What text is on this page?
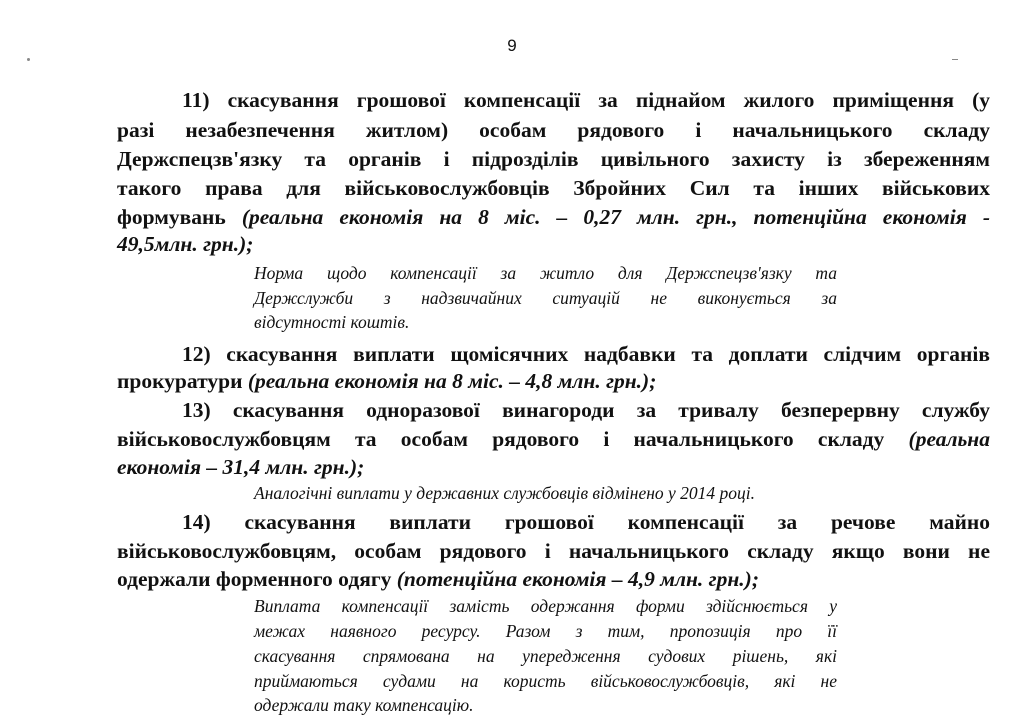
9
11) скасування грошової компенсації за піднайом жилого приміщення (у
разі незабезпечення житлом) особам рядового і начальницького складу
Держспецзв'язку та органів і підрозділів цивільного захисту із збереженням
такого права для військовослужбовців Збройних Сил та інших військових
формувань (реальна економія на 8 міс. – 0,27 млн. грн., потенційна економія -
49,5млн. грн.);
Норма щодо компенсації за житло для Держспецзв'язку та
Держслужби з надзвичайних ситуацій не виконується за
відсутності коштів.
12) скасування виплати щомісячних надбавки та доплати слідчим органів
прокуратури (реальна економія на 8 міс. – 4,8 млн. грн.);
13) скасування одноразової винагороди за тривалу безперервну службу
військовослужбовцям та особам рядового і начальницького складу (реальна
економія – 31,4 млн. грн.);
Аналогічні виплати у державних службовців відмінено у 2014 році.
14) скасування виплати грошової компенсації за речове майно
військовослужбовцям, особам рядового і начальницького складу якщо вони не
одержали форменного одягу (потенційна економія – 4,9 млн. грн.);
Виплата компенсації замість одержання форми здійснюється у
межах наявного ресурсу. Разом з тим, пропозиція про її
скасування спрямована на упередження судових рішень, які
приймаються судами на користь військовослужбовців, які не
одержали таку компенсацію.
